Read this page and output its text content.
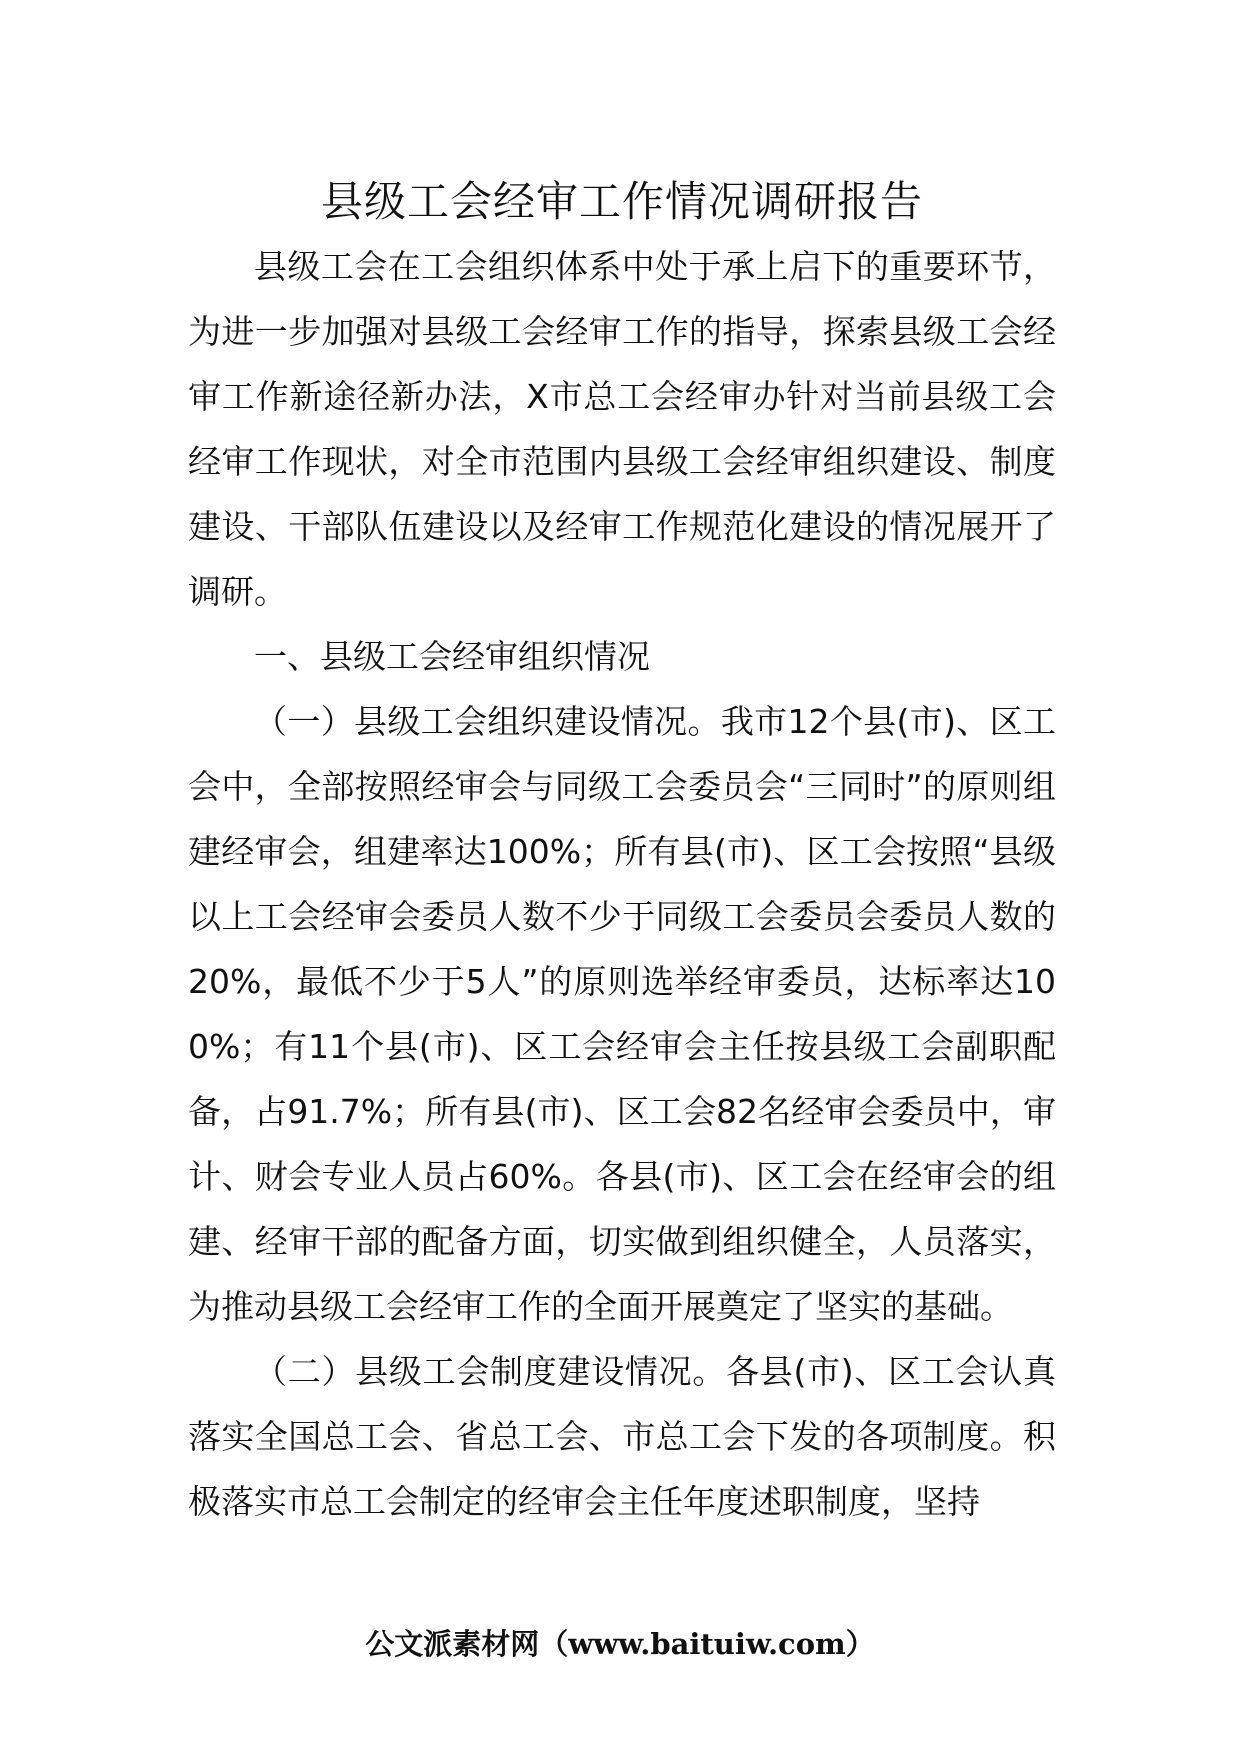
县级工会经审工作情况调研报告

县级工会在工会组织体系中处于承上启下的重要环节，为进一步加强对县级工会经审工作的指导，探索县级工会经审工作新途径新办法，X市总工会经审办针对当前县级工会经审工作现状，对全市范围内县级工会经审组织建设、制度建设、干部队伍建设以及经审工作规范化建设的情况展开了调研。

一、县级工会经审组织情况

（一）县级工会组织建设情况。我市12个县(市)、区工会中，全部按照经审会与同级工会委员会“三同时”的原则组建经审会，组建率达100%；所有县(市)、区工会按照“县级以上工会经审会委员人数不少于同级工会委员会委员人数的20%，最低不少于5人”的原则选举经审委员，达标率达100%；有11个县(市)、区工会经审会主任按县级工会副职配备，占91.7%；所有县(市)、区工会82名经审会委员中，审计、财会专业人员占60%。各县(市)、区工会在经审会的组建、经审干部的配备方面，切实做到组织健全，人员落实，为推动县级工会经审工作的全面开展奠定了坚实的基础。

（二）县级工会制度建设情况。各县(市)、区工会认真落实全国总工会、省总工会、市总工会下发的各项制度。积极落实市总工会制定的经审会主任年度述职制度，坚持

公文派素材网（www.baituiw.com）
